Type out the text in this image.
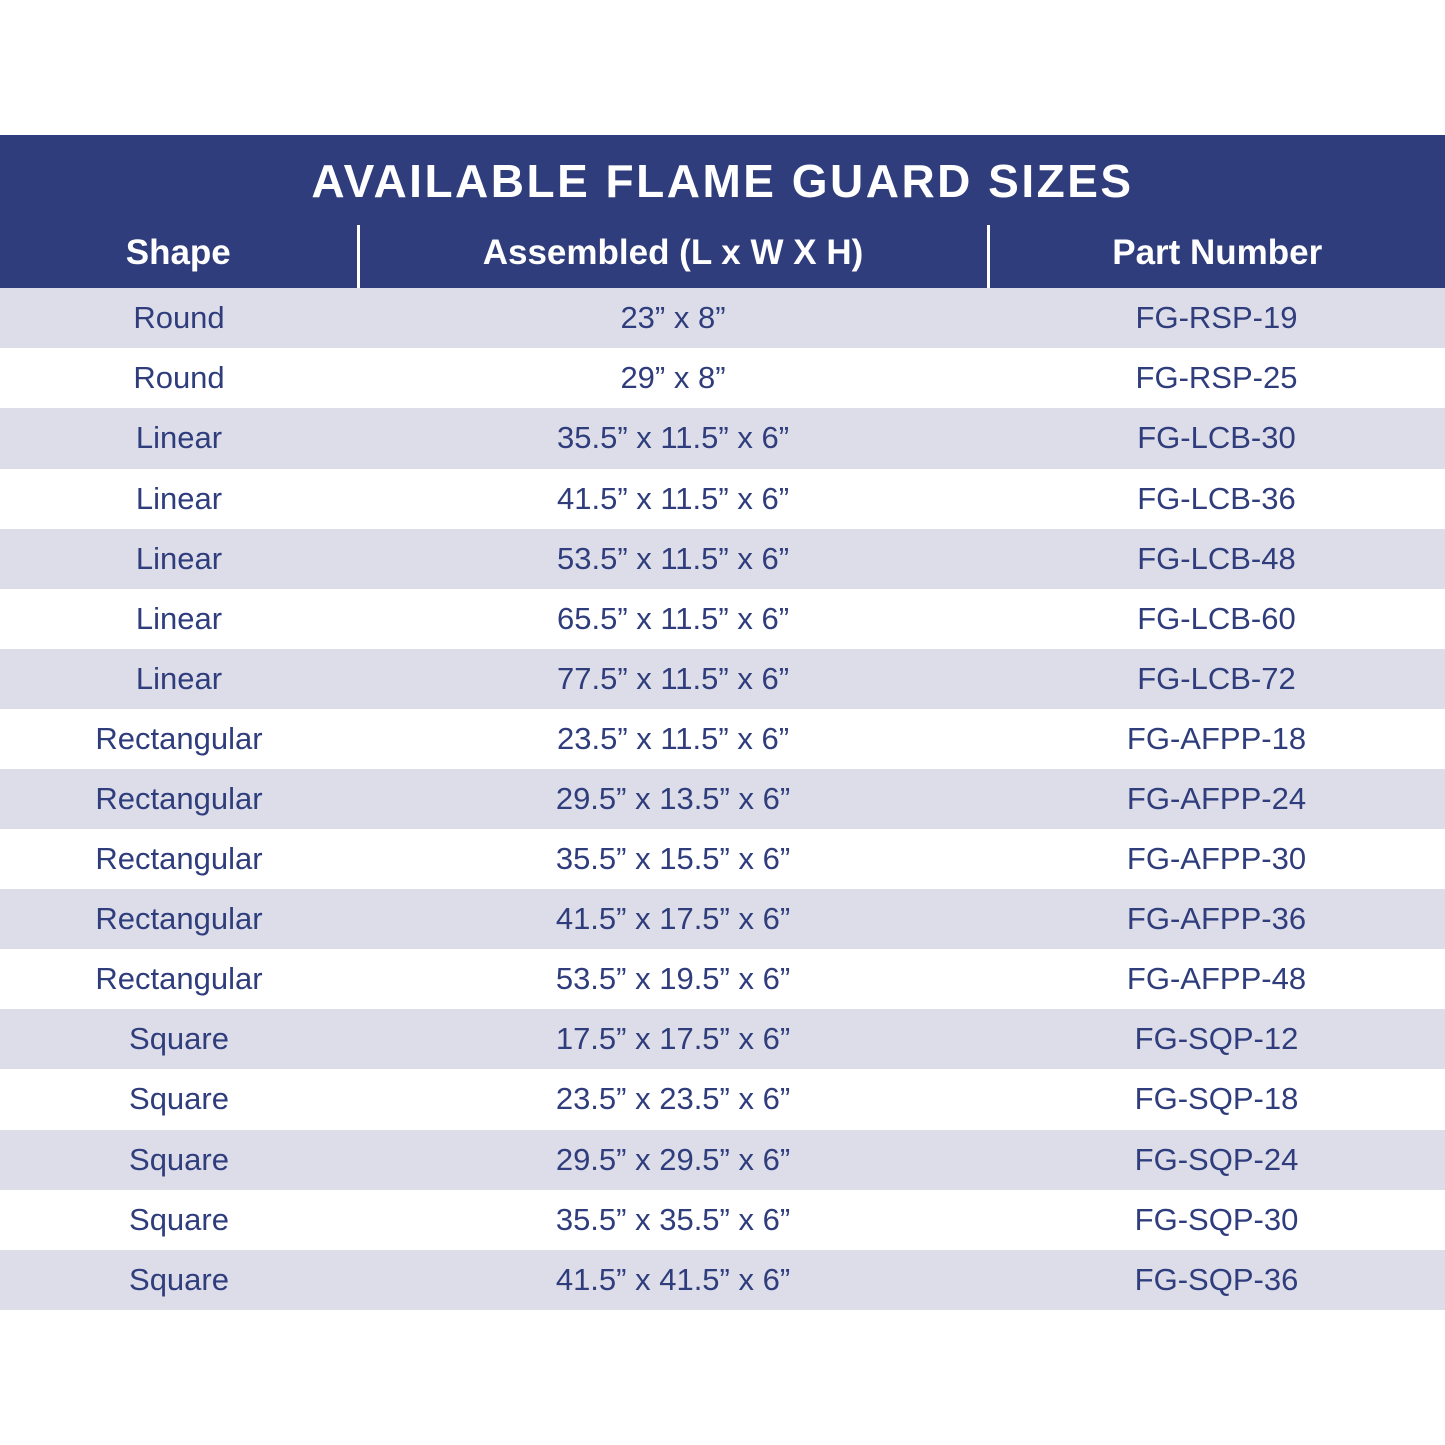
AVAILABLE FLAME GUARD SIZES		
Shape	Assembled (L x W X H)	Part Number
Round	23” x 8”	FG-RSP-19
Round	29” x 8”	FG-RSP-25
Linear	35.5” x 11.5” x 6”	FG-LCB-30
Linear	41.5” x 11.5” x 6”	FG-LCB-36
Linear	53.5” x 11.5” x 6”	FG-LCB-48
Linear	65.5” x 11.5” x 6”	FG-LCB-60
Linear	77.5” x 11.5” x 6”	FG-LCB-72
Rectangular	23.5” x 11.5” x 6”	FG-AFPP-18
Rectangular	29.5” x 13.5” x 6”	FG-AFPP-24
Rectangular	35.5” x 15.5” x 6”	FG-AFPP-30
Rectangular	41.5” x 17.5” x 6”	FG-AFPP-36
Rectangular	53.5” x 19.5” x 6”	FG-AFPP-48
Square	17.5” x 17.5” x 6”	FG-SQP-12
Square	23.5” x 23.5” x 6”	FG-SQP-18
Square	29.5” x 29.5” x 6”	FG-SQP-24
Square	35.5” x 35.5” x 6”	FG-SQP-30
Square	41.5” x 41.5” x 6”	FG-SQP-36
